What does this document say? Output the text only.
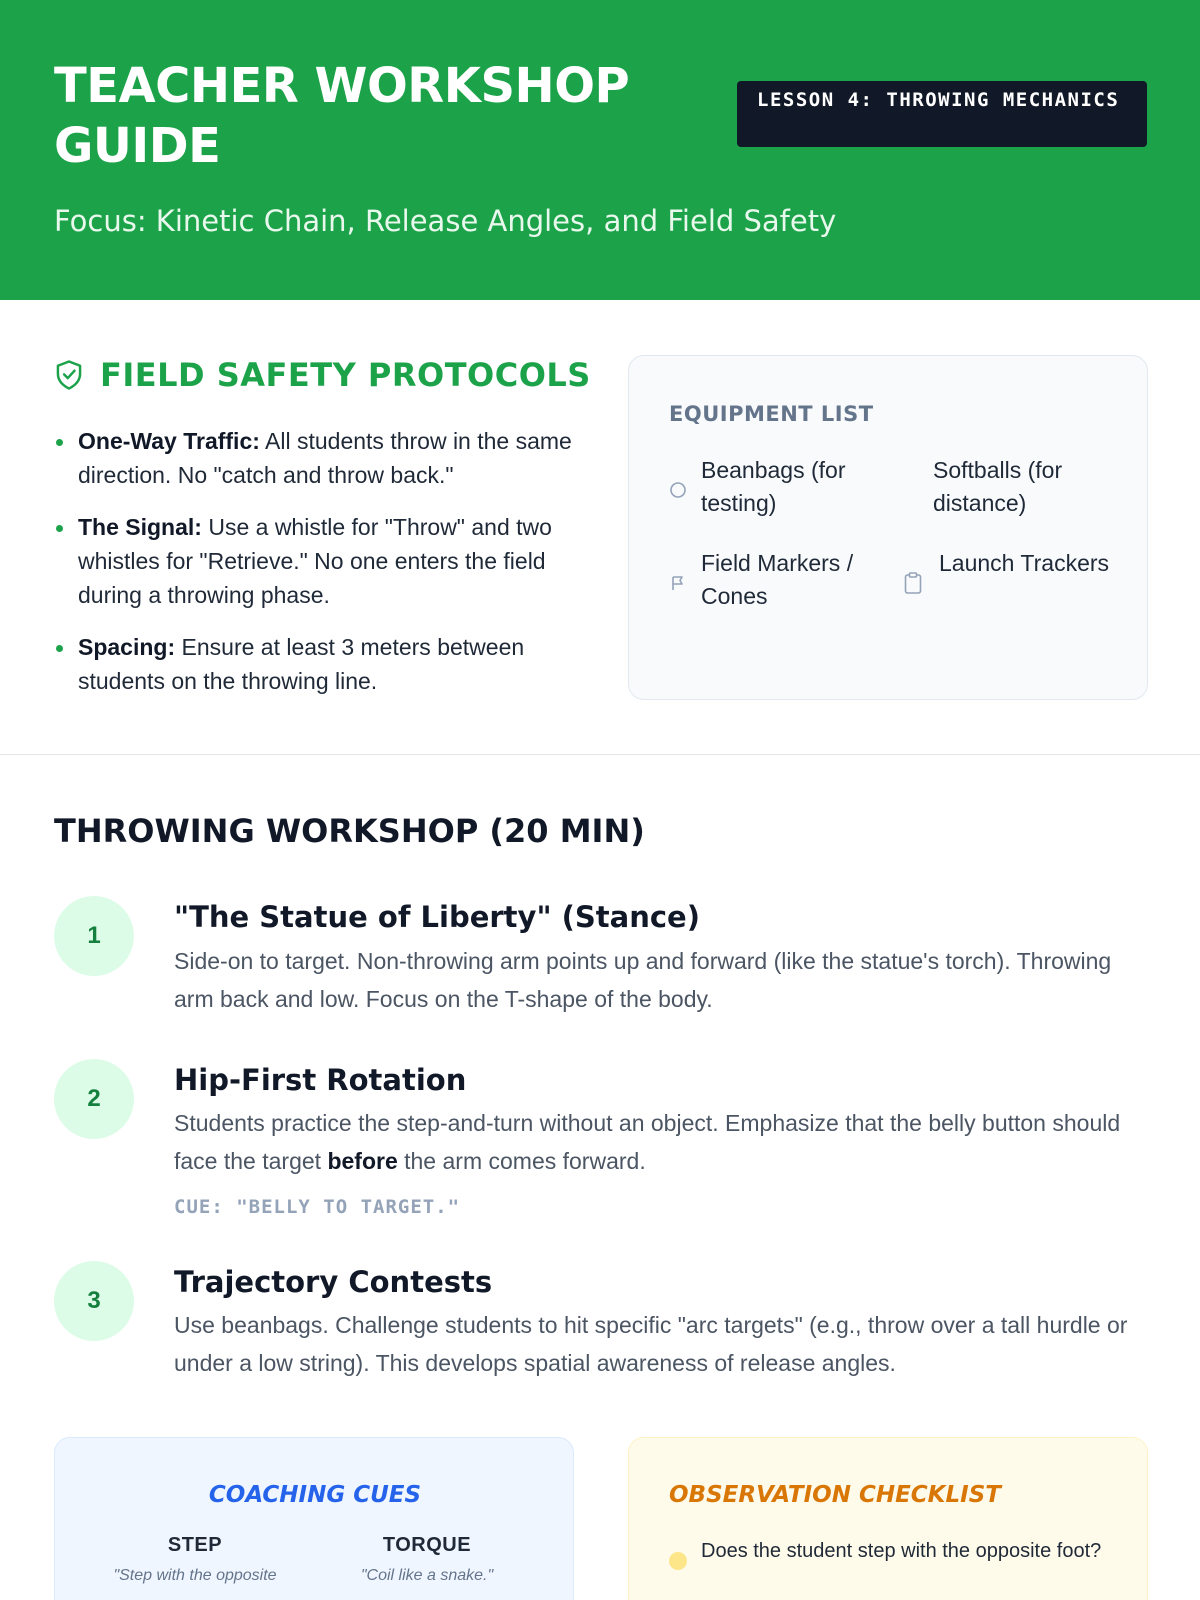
TEACHER WORKSHOP GUIDE
LESSON 4: THROWING MECHANICS
Focus: Kinetic Chain, Release Angles, and Field Safety
FIELD SAFETY PROTOCOLS
One-Way Traffic: All students throw in the same direction. No "catch and throw back."
The Signal: Use a whistle for "Throw" and two whistles for "Retrieve." No one enters the field during a throwing phase.
Spacing: Ensure at least 3 meters between students on the throwing line.
EQUIPMENT LIST
Beanbags (for testing)
Softballs (for distance)
Field Markers / Cones
Launch Trackers
THROWING WORKSHOP (20 MIN)
1
"The Statue of Liberty" (Stance)
Side-on to target. Non-throwing arm points up and forward (like the statue's torch). Throwing arm back and low. Focus on the T-shape of the body.
2
Hip-First Rotation
Students practice the step-and-turn without an object. Emphasize that the belly button should face the target before the arm comes forward.
CUE: "BELLY TO TARGET."
3
Trajectory Contests
Use beanbags. Challenge students to hit specific "arc targets" (e.g., throw over a tall hurdle or under a low string). This develops spatial awareness of release angles.
COACHING CUES
STEP
"Step with the opposite
TORQUE
"Coil like a snake."
OBSERVATION CHECKLIST
Does the student step with the opposite foot?
